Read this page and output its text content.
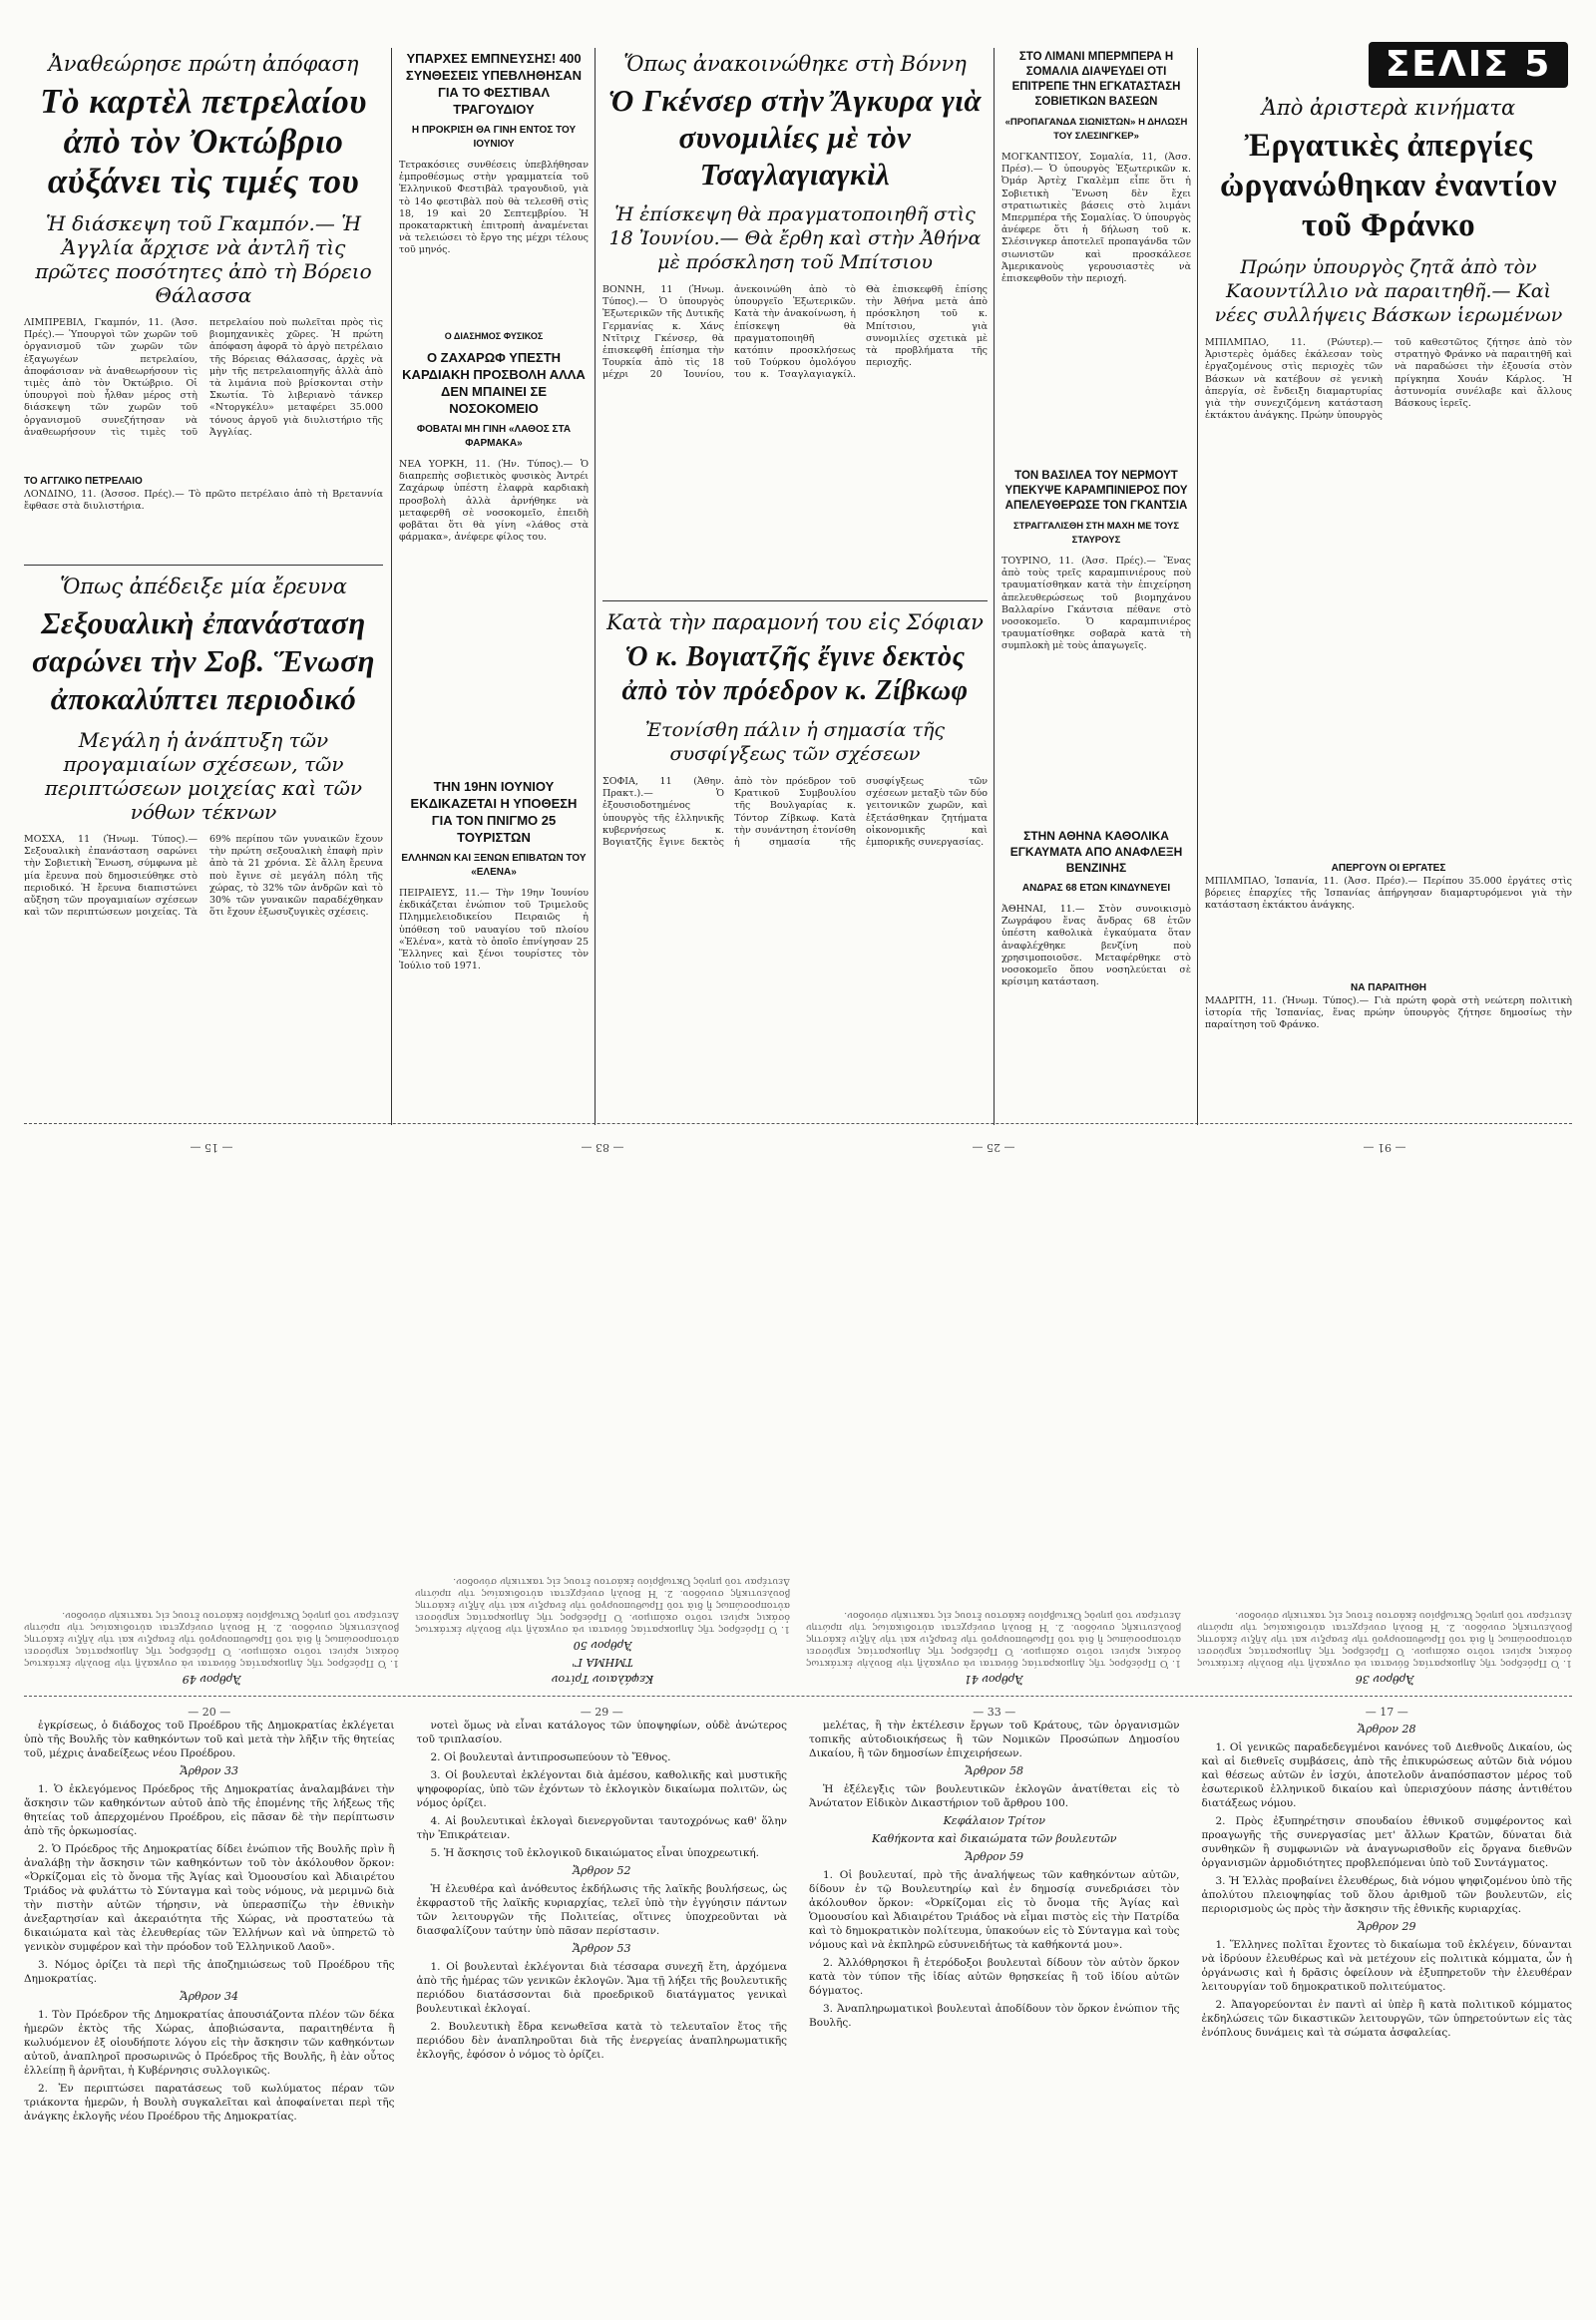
Ἀναθεώρησε πρώτη ἀπόφαση
Τὸ καρτὲλ πετρελαίου ἀπὸ τὸν Ὀκτώβριο αὐξάνει τὶς τιμές του
Ἡ διάσκεψη τοῦ Γκαμπόν.— Ἡ Ἀγγλία ἄρχισε νὰ ἀντλῆ τὶς πρῶτες ποσότητες ἀπὸ τὴ Βόρειο Θάλασσα
ΛΙΜΠΡΕΒΙΛ, Γκαμπόν, 11. (Ἀσσ. Πρές).— Ὑπουργοὶ τῶν χωρῶν τοῦ ὀργανισμοῦ τῶν χωρῶν τῶν ἐξαγωγέων πετρελαίου, ἀποφάσισαν νὰ ἀναθεωρήσουν τὶς τιμὲς ἀπὸ τὸν Ὀκτώβριο. Οἱ ὑπουργοὶ ποὺ ἦλθαν μέρος στὴ διάσκεψη τῶν χωρῶν τοῦ ὀργανισμοῦ συνεζήτησαν νὰ ἀναθεωρήσουν τὶς τιμὲς τοῦ πετρελαίου ποὺ πωλεῖται πρὸς τὶς βιομηχανικὲς χῶρες. Ἡ πρώτη ἀπόφαση ἀφορᾶ τὸ ἀργὸ πετρέλαιο τῆς Βόρειας Θάλασσας, ἀρχὲς νὰ μὴν τῆς πετρελαιοπηγῆς ἀλλὰ ἀπὸ τὰ λιμάνια ποὺ βρίσκονται στὴν Σκωτία. Τὸ λιβεριανὸ τάνκερ «Ντοργκέλυ» μεταφέρει 35.000 τόνους ἀργοῦ γιὰ διυλιστήριο τῆς Ἀγγλίας.
ΤΟ ΑΓΓΛΙΚΟ ΠΕΤΡΕΛΑΙΟ
ΛΟΝΔΙΝΟ, 11. (Ἀσσοσ. Πρές).— Τὸ πρῶτο πετρέλαιο ἀπὸ τὴ Βρεταννία ἔφθασε στὰ διυλιστήρια.
Ὅπως ἀπέδειξε μία ἔρευνα
Σεξουαλικὴ ἐπανάσταση σαρώνει τὴν Σοβ. Ἕνωση ἀποκαλύπτει περιοδικό
Μεγάλη ἡ ἀνάπτυξη τῶν προγαμιαίων σχέσεων, τῶν περιπτώσεων μοιχείας καὶ τῶν νόθων τέκνων
ΜΟΣΧΑ, 11 (Ἡνωμ. Τύπος).— Σεξουαλικὴ ἐπανάσταση σαρώνει τὴν Σοβιετικὴ Ἕνωση, σύμφωνα μὲ μία ἔρευνα ποὺ δημοσιεύθηκε στὸ περιοδικό. Ἡ ἔρευνα διαπιστώνει αὔξηση τῶν προγαμιαίων σχέσεων καὶ τῶν περιπτώσεων μοιχείας. Τὰ 69% περίπου τῶν γυναικῶν ἔχουν τὴν πρώτη σεξουαλικὴ ἐπαφὴ πρὶν ἀπὸ τὰ 21 χρόνια. Σὲ ἄλλη ἔρευνα ποὺ ἔγινε σὲ μεγάλη πόλη τῆς χώρας, τὸ 32% τῶν ἀνδρῶν καὶ τὸ 30% τῶν γυναικῶν παραδέχθηκαν ὅτι ἔχουν ἐξωσυζυγικὲς σχέσεις.
ΥΠΑΡΧΕΣ ΕΜΠΝΕΥΣΗΣ! 400 ΣΥΝΘΕΣΕΙΣ ΥΠΕΒΛΗΘΗΣΑΝ ΓΙΑ ΤΟ ΦΕΣΤΙΒΑΛ ΤΡΑΓΟΥΔΙΟΥ
Η ΠΡΟΚΡΙΣΗ ΘΑ ΓΙΝΗ ΕΝΤΟΣ ΤΟΥ ΙΟΥΝΙΟΥ
Τετρακόσιες συνθέσεις ὑπεβλήθησαν ἐμπροθέσμως στὴν γραμματεία τοῦ Ἑλληνικοῦ Φεστιβὰλ τραγουδιοῦ, γιὰ τὸ 14ο φεστιβὰλ ποὺ θὰ τελεσθῆ στὶς 18, 19 καὶ 20 Σεπτεμβρίου. Ἡ προκαταρκτικὴ ἐπιτροπὴ ἀναμένεται νὰ τελειώσει τὸ ἔργο της μέχρι τέλους τοῦ μηνός.
Ο ΔΙΑΣΗΜΟΣ ΦΥΣΙΚΟΣ
Ο ΖΑΧΑΡΩΦ ΥΠΕΣΤΗ ΚΑΡΔΙΑΚΗ ΠΡΟΣΒΟΛΗ ΑΛΛΑ ΔΕΝ ΜΠΑΙΝΕΙ ΣΕ ΝΟΣΟΚΟΜΕΙΟ
ΦΟΒΑΤΑΙ ΜΗ ΓΙΝΗ «ΛΑΘΟΣ ΣΤΑ ΦΑΡΜΑΚΑ»
ΝΕΑ ΥΟΡΚΗ, 11. (Ἡν. Τύπος).— Ὁ διαπρεπὴς σοβιετικὸς φυσικὸς Ἀντρέι Ζαχάρωφ ὑπέστη ἐλαφρὰ καρδιακὴ προσβολὴ ἀλλὰ ἀρνήθηκε νὰ μεταφερθῆ σὲ νοσοκομεῖο, ἐπειδὴ φοβᾶται ὅτι θὰ γίνη «λάθος στὰ φάρμακα», ἀνέφερε φίλος του.
ΤΗΝ 19ΗΝ ΙΟΥΝΙΟΥ ΕΚΔΙΚΑΖΕΤΑΙ Η ΥΠΟΘΕΣΗ ΓΙΑ ΤΟΝ ΠΝΙΓΜΟ 25 ΤΟΥΡΙΣΤΩΝ
ΕΛΛΗΝΩΝ ΚΑΙ ΞΕΝΩΝ ΕΠΙΒΑΤΩΝ ΤΟΥ «ΕΛΕΝΑ»
ΠΕΙΡΑΙΕΥΣ, 11.— Τὴν 19ην Ἰουνίου ἐκδικάζεται ἐνώπιον τοῦ Τριμελοῦς Πλημμελειοδικείου Πειραιῶς ἡ ὑπόθεση τοῦ ναυαγίου τοῦ πλοίου «Ἑλένα», κατὰ τὸ ὁποῖο ἐπνίγησαν 25 Ἕλληνες καὶ ξένοι τουρίστες τὸν Ἰούλιο τοῦ 1971.
Ὅπως ἀνακοινώθηκε στὴ Βόννη
Ὁ Γκένσερ στὴν Ἄγκυρα γιὰ συνομιλίες μὲ τὸν Τσαγλαγιαγκὶλ
Ἡ ἐπίσκεψη θὰ πραγματοποιηθῆ στὶς 18 Ἰουνίου.— Θὰ ἔρθη καὶ στὴν Ἀθήνα μὲ πρόσκληση τοῦ Μπίτσιου
ΒΟΝΝΗ, 11 (Ἡνωμ. Τύπος).— Ὁ ὑπουργὸς Ἐξωτερικῶν τῆς Δυτικῆς Γερμανίας κ. Χάνς Ντῖτριχ Γκένσερ, θὰ ἐπισκεφθῆ ἐπίσημα τὴν Τουρκία ἀπὸ τὶς 18 μέχρι 20 Ἰουνίου, ἀνεκοινώθη ἀπὸ τὸ ὑπουργεῖο Ἐξωτερικῶν. Κατὰ τὴν ἀνακοίνωση, ἡ ἐπίσκεψη θὰ πραγματοποιηθῆ κατόπιν προσκλήσεως τοῦ Τούρκου ὁμολόγου του κ. Τσαγλαγιαγκίλ. Θὰ ἐπισκεφθῆ ἐπίσης τὴν Ἀθήνα μετὰ ἀπὸ πρόσκληση τοῦ κ. Μπίτσιου, γιὰ συνομιλίες σχετικὰ μὲ τὰ προβλήματα τῆς περιοχῆς.
Κατὰ τὴν παραμονή του εἰς Σόφιαν
Ὁ κ. Βογιατζῆς ἔγινε δεκτὸς ἀπὸ τὸν πρόεδρον κ. Ζίβκωφ
Ἐτονίσθη πάλιν ἡ σημασία τῆς συσφίγξεως τῶν σχέσεων
ΣΟΦΙΑ, 11 (Ἀθην. Πρακτ.).— Ὁ ἐξουσιοδοτημένος ὑπουργὸς τῆς ἑλληνικῆς κυβερνήσεως κ. Βογιατζῆς ἔγινε δεκτὸς ἀπὸ τὸν πρόεδρον τοῦ Κρατικοῦ Συμβουλίου τῆς Βουλγαρίας κ. Τόντορ Ζίβκωφ. Κατὰ τὴν συνάντηση ἐτονίσθη ἡ σημασία τῆς συσφίγξεως τῶν σχέσεων μεταξὺ τῶν δύο γειτονικῶν χωρῶν, καὶ ἐξετάσθηκαν ζητήματα οἰκονομικῆς καὶ ἐμπορικῆς συνεργασίας.
ΣΤΟ ΛΙΜΑΝΙ ΜΠΕΡΜΠΕΡΑ Η ΣΟΜΑΛΙΑ ΔΙΑΨΕΥΔΕΙ ΟΤΙ ΕΠΙΤΡΕΠΕ ΤΗΝ ΕΓΚΑΤΑΣΤΑΣΗ ΣΟΒΙΕΤΙΚΩΝ ΒΑΣΕΩΝ
«ΠΡΟΠΑΓΑΝΔΑ ΣΙΩΝΙΣΤΩΝ» Η ΔΗΛΩΣΗ ΤΟΥ ΣΛΕΣΙΝΓΚΕΡ»
ΜΟΓΚΑΝΤΙΣΟΥ, Σομαλία, 11, (Ἀσσ. Πρέσ).— Ὁ ὑπουργὸς Ἐξωτερικῶν κ. Ὀμάρ Ἀρτὲχ Γκαλὲμπ εἶπε ὅτι ἡ Σοβιετικὴ Ἕνωση δὲν ἔχει στρατιωτικὲς βάσεις στὸ λιμάνι Μπερμπέρα τῆς Σομαλίας. Ὁ ὑπουργὸς ἀνέφερε ὅτι ἡ δήλωση τοῦ κ. Σλέσινγκερ ἀποτελεῖ προπαγάνδα τῶν σιωνιστῶν καὶ προσκάλεσε Ἀμερικανοὺς γερουσιαστὲς νὰ ἐπισκεφθοῦν τὴν περιοχή.
ΤΟΝ ΒΑΣΙΛΕΑ ΤΟΥ ΝΕΡΜΟΥΤ ΥΠΕΚΥΨΕ ΚΑΡΑΜΠΙΝΙΕΡΟΣ ΠΟΥ ΑΠΕΛΕΥΘΕΡΩΣΕ ΤΟΝ ΓΚΑΝΤΣΙΑ
ΣΤΡΑΓΓΑΛΙΣΘΗ ΣΤΗ ΜΑΧΗ ΜΕ ΤΟΥΣ ΣΤΑΥΡΟΥΣ
ΤΟΥΡΙΝΟ, 11. (Ἀσσ. Πρές).— Ἕνας ἀπὸ τοὺς τρεῖς καραμπινιέρους ποὺ τραυματίσθηκαν κατὰ τὴν ἐπιχείρηση ἀπελευθερώσεως τοῦ βιομηχάνου Βαλλαρίνο Γκάντσια πέθανε στὸ νοσοκομεῖο. Ὁ καραμπινιέρος τραυματίσθηκε σοβαρὰ κατὰ τὴ συμπλοκὴ μὲ τοὺς ἀπαγωγεῖς.
ΣΤΗΝ ΑΘΗΝΑ ΚΑΘΟΛΙΚΑ ΕΓΚΑΥΜΑΤΑ ΑΠΟ ΑΝΑΦΛΕΞΗ ΒΕΝΖΙΝΗΣ
ΑΝΔΡΑΣ 68 ΕΤΩΝ ΚΙΝΔΥΝΕΥΕΙ
ἈΘΗΝΑΙ, 11.— Στὸν συνοικισμὸ Ζωγράφου ἕνας ἄνδρας 68 ἐτῶν ὑπέστη καθολικὰ ἐγκαύματα ὅταν ἀναφλέχθηκε βενζίνη ποὺ χρησιμοποιοῦσε. Μεταφέρθηκε στὸ νοσοκομεῖο ὅπου νοσηλεύεται σὲ κρίσιμη κατάσταση.
ΣΕΛΙΣ 5
Ἀπὸ ἀριστερὰ κινήματα
Ἐργατικὲς ἀπεργίες ὠργανώθηκαν ἐναντίον τοῦ Φράνκο
Πρώην ὑπουργὸς ζητᾶ ἀπὸ τὸν Καουντίλλιο νὰ παραιτηθῆ.— Καὶ νέες συλλήψεις Βάσκων ἱερωμένων
ΜΠΙΛΜΠΑΟ, 11. (Ρώυτερ).— Ἀριστερὲς ὁμάδες ἐκάλεσαν τοὺς ἐργαζομένους στὶς περιοχὲς τῶν Βάσκων νὰ κατέβουν σὲ γενικὴ ἀπεργία, σὲ ἔνδειξη διαμαρτυρίας γιὰ τὴν συνεχιζόμενη κατάσταση ἐκτάκτου ἀνάγκης. Πρώην ὑπουργὸς τοῦ καθεστῶτος ζήτησε ἀπὸ τὸν στρατηγὸ Φράνκο νὰ παραιτηθῆ καὶ νὰ παραδώσει τὴν ἐξουσία στὸν πρίγκηπα Χουάν Κάρλος. Ἡ ἀστυνομία συνέλαβε καὶ ἄλλους Βάσκους ἱερεῖς.
ΑΠΕΡΓΟΥΝ ΟΙ ΕΡΓΑΤΕΣ
ΜΠΙΛΜΠΑΟ, Ἰσπανία, 11. (Ἀσσ. Πρέσ).— Περίπου 35.000 ἐργάτες στὶς βόρειες ἐπαρχίες τῆς Ἰσπανίας ἀπήργησαν διαμαρτυρόμενοι γιὰ τὴν κατάσταση ἐκτάκτου ἀνάγκης.
ΝΑ ΠΑΡΑΙΤΗΘΗ
ΜΑΔΡΙΤΗ, 11. (Ἡνωμ. Τύπος).— Γιὰ πρώτη φορὰ στὴ νεώτερη πολιτικὴ ἱστορία τῆς Ἰσπανίας, ἕνας πρώην ὑπουργὸς ζήτησε δημοσίως τὴν παραίτηση τοῦ Φράνκο.
Ἄρθρον 36
1. Ὁ Πρόεδρος τῆς Δημοκρατίας δύναται νὰ συγκαλῇ τὴν Βουλὴν ἐκτάκτως ὁσάκις κρίνει τοῦτο σκόπιμον. Ὁ Πρόεδρος τῆς Δημοκρατίας κηρύσσει αὐτοπροσώπως ἢ διὰ τοῦ Πρωθυπουργοῦ τὴν ἔναρξιν καὶ τὴν λῆξιν ἑκάστης βουλευτικῆς συνόδου. 2. Ἡ Βουλὴ συνέρχεται αὐτοδικαίως τὴν πρώτην Δευτέραν τοῦ μηνὸς Ὀκτωβρίου ἑκάστου ἔτους εἰς τακτικὴν σύνοδον.
— 91 —
Ἄρθρον 41
1. Ὁ Πρόεδρος τῆς Δημοκρατίας δύναται νὰ συγκαλῇ τὴν Βουλὴν ἐκτάκτως ὁσάκις κρίνει τοῦτο σκόπιμον. Ὁ Πρόεδρος τῆς Δημοκρατίας κηρύσσει αὐτοπροσώπως ἢ διὰ τοῦ Πρωθυπουργοῦ τὴν ἔναρξιν καὶ τὴν λῆξιν ἑκάστης βουλευτικῆς συνόδου. 2. Ἡ Βουλὴ συνέρχεται αὐτοδικαίως τὴν πρώτην Δευτέραν τοῦ μηνὸς Ὀκτωβρίου ἑκάστου ἔτους εἰς τακτικὴν σύνοδον.
— 25 —
Κεφάλαιον Τρίτον
ΤΜΗΜΑ Γ'
Ἄρθρον 50
1. Ὁ Πρόεδρος τῆς Δημοκρατίας δύναται νὰ συγκαλῇ τὴν Βουλὴν ἐκτάκτως ὁσάκις κρίνει τοῦτο σκόπιμον. Ὁ Πρόεδρος τῆς Δημοκρατίας κηρύσσει αὐτοπροσώπως ἢ διὰ τοῦ Πρωθυπουργοῦ τὴν ἔναρξιν καὶ τὴν λῆξιν ἑκάστης βουλευτικῆς συνόδου. 2. Ἡ Βουλὴ συνέρχεται αὐτοδικαίως τὴν πρώτην Δευτέραν τοῦ μηνὸς Ὀκτωβρίου ἑκάστου ἔτους εἰς τακτικὴν σύνοδον.
— 83 —
Ἄρθρον 49
1. Ὁ Πρόεδρος τῆς Δημοκρατίας δύναται νὰ συγκαλῇ τὴν Βουλὴν ἐκτάκτως ὁσάκις κρίνει τοῦτο σκόπιμον. Ὁ Πρόεδρος τῆς Δημοκρατίας κηρύσσει αὐτοπροσώπως ἢ διὰ τοῦ Πρωθυπουργοῦ τὴν ἔναρξιν καὶ τὴν λῆξιν ἑκάστης βουλευτικῆς συνόδου. 2. Ἡ Βουλὴ συνέρχεται αὐτοδικαίως τὴν πρώτην Δευτέραν τοῦ μηνὸς Ὀκτωβρίου ἑκάστου ἔτους εἰς τακτικὴν σύνοδον.
— 15 —
— 20 —

ἐγκρίσεως, ὁ διάδοχος τοῦ Προέδρου τῆς Δημοκρατίας ἐκλέγεται ὑπὸ τῆς Βουλῆς τὸν καθηκόντων τοῦ καὶ μετὰ τὴν λῆξιν τῆς θητείας τοῦ, μέχρις ἀναδείξεως νέου Προέδρου.

Ἄρθρον 33

1. Ὁ ἐκλεγόμενος Πρόεδρος τῆς Δημοκρατίας ἀναλαμβάνει τὴν ἄσκησιν τῶν καθηκόντων αὐτοῦ ἀπὸ τῆς ἐπομένης τῆς λήξεως τῆς θητείας τοῦ ἀπερχομένου Προέδρου, εἰς πᾶσαν δὲ τὴν περίπτωσιν ἀπὸ τῆς ὁρκωμοσίας.

2. Ὁ Πρόεδρος τῆς Δημοκρατίας δίδει ἐνώπιον τῆς Βουλῆς πρὶν ἢ ἀναλάβῃ τὴν ἄσκησιν τῶν καθηκόντων τοῦ τὸν ἀκόλουθον ὅρκον: «Ὀρκίζομαι εἰς τὸ ὄνομα τῆς Ἁγίας καὶ Ὁμοουσίου καὶ Ἀδιαιρέτου Τριάδος νὰ φυλάττω τὸ Σύνταγμα καὶ τοὺς νόμους, νὰ μεριμνῶ διὰ τὴν πιστὴν αὐτῶν τήρησιν, νὰ ὑπερασπίζω τὴν ἐθνικὴν ἀνεξαρτησίαν καὶ ἀκεραιότητα τῆς Χώρας, νὰ προστατεύω τὰ δικαιώματα καὶ τὰς ἐλευθερίας τῶν Ἑλλήνων καὶ νὰ ὑπηρετῶ τὸ γενικὸν συμφέρον καὶ τὴν πρόοδον τοῦ Ἑλληνικοῦ Λαοῦ».

3. Νόμος ὁρίζει τὰ περὶ τῆς ἀποζημιώσεως τοῦ Προέδρου τῆς Δημοκρατίας.

Ἄρθρον 34

1. Τὸν Πρόεδρον τῆς Δημοκρατίας ἀπουσιάζοντα πλέον τῶν δέκα ἡμερῶν ἐκτὸς τῆς Χώρας, ἀποβιώσαντα, παραιτηθέντα ἢ κωλυόμενον ἐξ οἱουδήποτε λόγου εἰς τὴν ἄσκησιν τῶν καθηκόντων αὐτοῦ, ἀναπληροῖ προσωρινῶς ὁ Πρόεδρος τῆς Βουλῆς, ἢ ἐὰν οὗτος ἐλλείπῃ ἢ ἀρνῆται, ἡ Κυβέρνησις συλλογικῶς.

2. Ἐν περιπτώσει παρατάσεως τοῦ κωλύματος πέραν τῶν τριάκοντα ἡμερῶν, ἡ Βουλὴ συγκαλεῖται καὶ ἀποφαίνεται περὶ τῆς ἀνάγκης ἐκλογῆς νέου Προέδρου τῆς Δημοκρατίας.

— 29 —

νοτεὶ ὅμως νὰ εἶναι κατάλογος τῶν ὑποψηφίων, οὐδὲ ἀνώτερος τοῦ τριπλασίου.

2. Οἱ βουλευταὶ ἀντιπροσωπεύουν τὸ Ἔθνος.

3. Οἱ βουλευταὶ ἐκλέγονται διὰ ἀμέσου, καθολικῆς καὶ μυστικῆς ψηφοφορίας, ὑπὸ τῶν ἐχόντων τὸ ἐκλογικὸν δικαίωμα πολιτῶν, ὡς νόμος ὁρίζει.

4. Αἱ βουλευτικαὶ ἐκλογαὶ διενεργοῦνται ταυτοχρόνως καθ' ὅλην τὴν Ἐπικράτειαν.

5. Ἡ ἄσκησις τοῦ ἐκλογικοῦ δικαιώματος εἶναι ὑποχρεωτική.

Ἄρθρον 52

Ἡ ἐλευθέρα καὶ ἀνόθευτος ἐκδήλωσις τῆς λαϊκῆς βουλήσεως, ὡς ἐκφραστοῦ τῆς λαϊκῆς κυριαρχίας, τελεῖ ὑπὸ τὴν ἐγγύησιν πάντων τῶν λειτουργῶν τῆς Πολιτείας, οἵτινες ὑποχρεοῦνται νὰ διασφαλίζουν ταύτην ὑπὸ πᾶσαν περίστασιν.

Ἄρθρον 53

1. Οἱ βουλευταὶ ἐκλέγονται διὰ τέσσαρα συνεχῆ ἔτη, ἀρχόμενα ἀπὸ τῆς ἡμέρας τῶν γενικῶν ἐκλογῶν. Ἅμα τῇ λήξει τῆς βουλευτικῆς περιόδου διατάσσονται διὰ προεδρικοῦ διατάγματος γενικαὶ βουλευτικαὶ ἐκλογαί.

2. Βουλευτικὴ ἔδρα κενωθεῖσα κατὰ τὸ τελευταῖον ἔτος τῆς περιόδου δὲν ἀναπληροῦται διὰ τῆς ἐνεργείας ἀναπληρωματικῆς ἐκλογῆς, ἐφόσον ὁ νόμος τὸ ὁρίζει.

— 33 —

μελέτας, ἢ τὴν ἐκτέλεσιν ἔργων τοῦ Κράτους, τῶν ὀργανισμῶν τοπικῆς αὐτοδιοικήσεως ἢ τῶν Νομικῶν Προσώπων Δημοσίου Δικαίου, ἢ τῶν δημοσίων ἐπιχειρήσεων.

Ἄρθρον 58

Ἡ ἐξέλεγξις τῶν βουλευτικῶν ἐκλογῶν ἀνατίθεται εἰς τὸ Ἀνώτατον Εἰδικὸν Δικαστήριον τοῦ ἄρθρου 100.

Κεφάλαιον Τρίτον
Καθήκοντα καὶ δικαιώματα τῶν βουλευτῶν
Ἄρθρον 59

1. Οἱ βουλευταί, πρὸ τῆς ἀναλήψεως τῶν καθηκόντων αὐτῶν, δίδουν ἐν τῷ Βουλευτηρίῳ καὶ ἐν δημοσίᾳ συνεδριάσει τὸν ἀκόλουθον ὅρκον: «Ὀρκίζομαι εἰς τὸ ὄνομα τῆς Ἁγίας καὶ Ὁμοουσίου καὶ Ἀδιαιρέτου Τριάδος νὰ εἶμαι πιστὸς εἰς τὴν Πατρίδα καὶ τὸ δημοκρατικὸν πολίτευμα, ὑπακούων εἰς τὸ Σύνταγμα καὶ τοὺς νόμους καὶ νὰ ἐκπληρῶ εὐσυνειδήτως τὰ καθήκοντά μου».

2. Ἀλλόθρησκοι ἢ ἑτερόδοξοι βουλευταὶ δίδουν τὸν αὐτὸν ὅρκον κατὰ τὸν τύπον τῆς ἰδίας αὐτῶν θρησκείας ἢ τοῦ ἰδίου αὐτῶν δόγματος.

3. Ἀναπληρωματικοὶ βουλευταὶ ἀποδίδουν τὸν ὅρκον ἐνώπιον τῆς Βουλῆς.

— 17 —
Ἄρθρον 28

1. Οἱ γενικῶς παραδεδεγμένοι κανόνες τοῦ Διεθνοῦς Δικαίου, ὡς καὶ αἱ διεθνεῖς συμβάσεις, ἀπὸ τῆς ἐπικυρώσεως αὐτῶν διὰ νόμου καὶ θέσεως αὐτῶν ἐν ἰσχύι, ἀποτελοῦν ἀναπόσπαστον μέρος τοῦ ἐσωτερικοῦ ἑλληνικοῦ δικαίου καὶ ὑπερισχύουν πάσης ἀντιθέτου διατάξεως νόμου.

2. Πρὸς ἐξυπηρέτησιν σπουδαίου ἐθνικοῦ συμφέροντος καὶ προαγωγῆς τῆς συνεργασίας μετ' ἄλλων Κρατῶν, δύναται διὰ συνθηκῶν ἢ συμφωνιῶν νὰ ἀναγνωρισθοῦν εἰς ὄργανα διεθνῶν ὀργανισμῶν ἁρμοδιότητες προβλεπόμεναι ὑπὸ τοῦ Συντάγματος.

3. Ἡ Ἑλλὰς προβαίνει ἐλευθέρως, διὰ νόμου ψηφιζομένου ὑπὸ τῆς ἀπολύτου πλειοψηφίας τοῦ ὅλου ἀριθμοῦ τῶν βουλευτῶν, εἰς περιορισμοὺς ὡς πρὸς τὴν ἄσκησιν τῆς ἐθνικῆς κυριαρχίας.

Ἄρθρον 29

1. Ἕλληνες πολῖται ἔχοντες τὸ δικαίωμα τοῦ ἐκλέγειν, δύνανται νὰ ἱδρύουν ἐλευθέρως καὶ νὰ μετέχουν εἰς πολιτικὰ κόμματα, ὧν ἡ ὀργάνωσις καὶ ἡ δρᾶσις ὀφείλουν νὰ ἐξυπηρετοῦν τὴν ἐλευθέραν λειτουργίαν τοῦ δημοκρατικοῦ πολιτεύματος.

2. Ἀπαγορεύονται ἐν παντὶ αἱ ὑπὲρ ἢ κατὰ πολιτικοῦ κόμματος ἐκδηλώσεις τῶν δικαστικῶν λειτουργῶν, τῶν ὑπηρετούντων εἰς τὰς ἐνόπλους δυνάμεις καὶ τὰ σώματα ἀσφαλείας.
